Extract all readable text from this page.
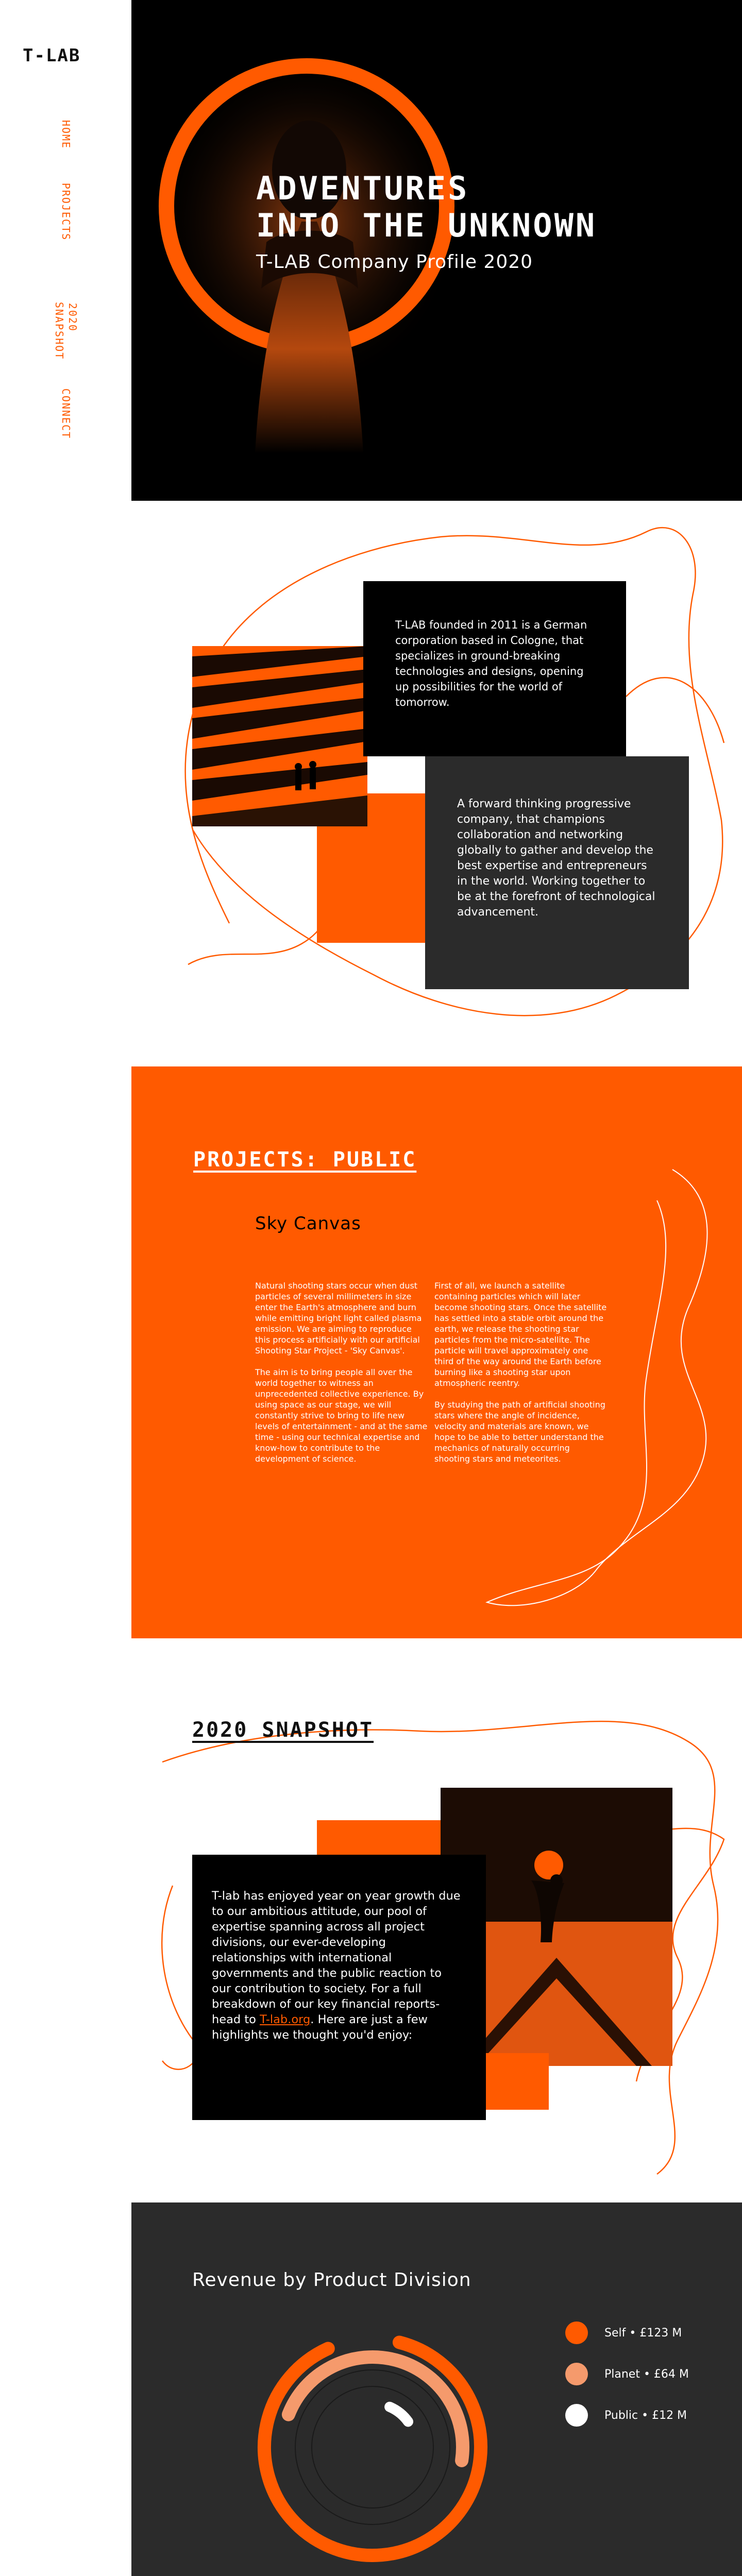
T-LAB
HOME
PROJECTS
2020 SNAPSHOT
CONNECT
ADVENTURES
INTO THE UNKNOWN
T-LAB Company Profile 2020

T-LAB founded in 2011 is a German corporation based in Cologne, that specializes in ground-breaking technologies and designs, opening up possibilities for the world of tomorrow.

A forward thinking progressive company, that champions collaboration and networking globally to gather and develop the best expertise and entrepreneurs in the world. Working together to be at the forefront of technological advancement.

PROJECTS: PUBLIC
Sky Canvas

Natural shooting stars occur when dust particles of several millimeters in size enter the Earth's atmosphere and burn while emitting bright light called plasma emission. We are aiming to reproduce this process artificially with our artificial Shooting Star Project - 'Sky Canvas'.

The aim is to bring people all over the world together to witness an unprecedented collective experience. By using space as our stage, we will constantly strive to bring to life new levels of entertainment - and at the same time - using our technical expertise and know-how to contribute to the development of science.

First of all, we launch a satellite containing particles which will later become shooting stars. Once the satellite has settled into a stable orbit around the earth, we release the shooting star particles from the micro-satellite. The particle will travel approximately one third of the way around the Earth before burning like a shooting star upon atmospheric reentry.

By studying the path of artificial shooting stars where the angle of incidence, velocity and materials are known, we hope to be able to better understand the mechanics of naturally occurring shooting stars and meteorites.

2020 SNAPSHOT

T-lab has enjoyed year on year growth due to our ambitious attitude, our pool of expertise spanning across all project divisions, our ever-developing relationships with international governments and the public reaction to our contribution to society. For a full breakdown of our key financial reports-head to T-lab.org. Here are just a few highlights we thought you'd enjoy:

Revenue by Product Division
Self • £123 M
Planet • £64 M
Public • £12 M
